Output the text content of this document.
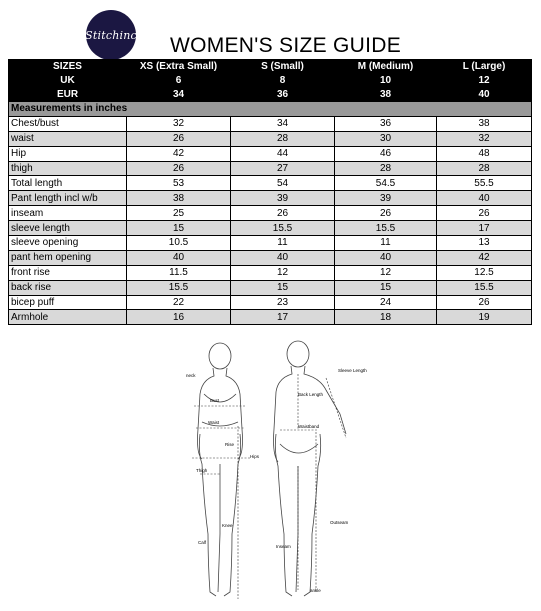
Stitchinc	WOMEN'S SIZE GUIDE
SIZES	XS (Extra Small)	S (Small)	M (Medium)	L (Large)
UK	6	8	10	12
EUR	34	36	38	40
Measurements in inches				
Chest/bust	32	34	36	38
waist	26	28	30	32
Hip	42	44	46	48
thigh	26	27	28	28
Total length	53	54	54.5	55.5
Pant length incl w/b	38	39	39	40
inseam	25	26	26	26
sleeve length	15	15.5	15.5	17
sleeve opening	10.5	11	11	13
pant hem opening	40	40	40	42
front rise	11.5	12	12	12.5
back rise	15.5	15	15	15.5
bicep puff	22	23	24	26
Armhole	16	17	18	19
neck
Bust
Waist
Hips
Thigh
Rise
Knee
Calf
Sleeve Length
Back Length
Waistband
Outseam
Inseam
ankle
